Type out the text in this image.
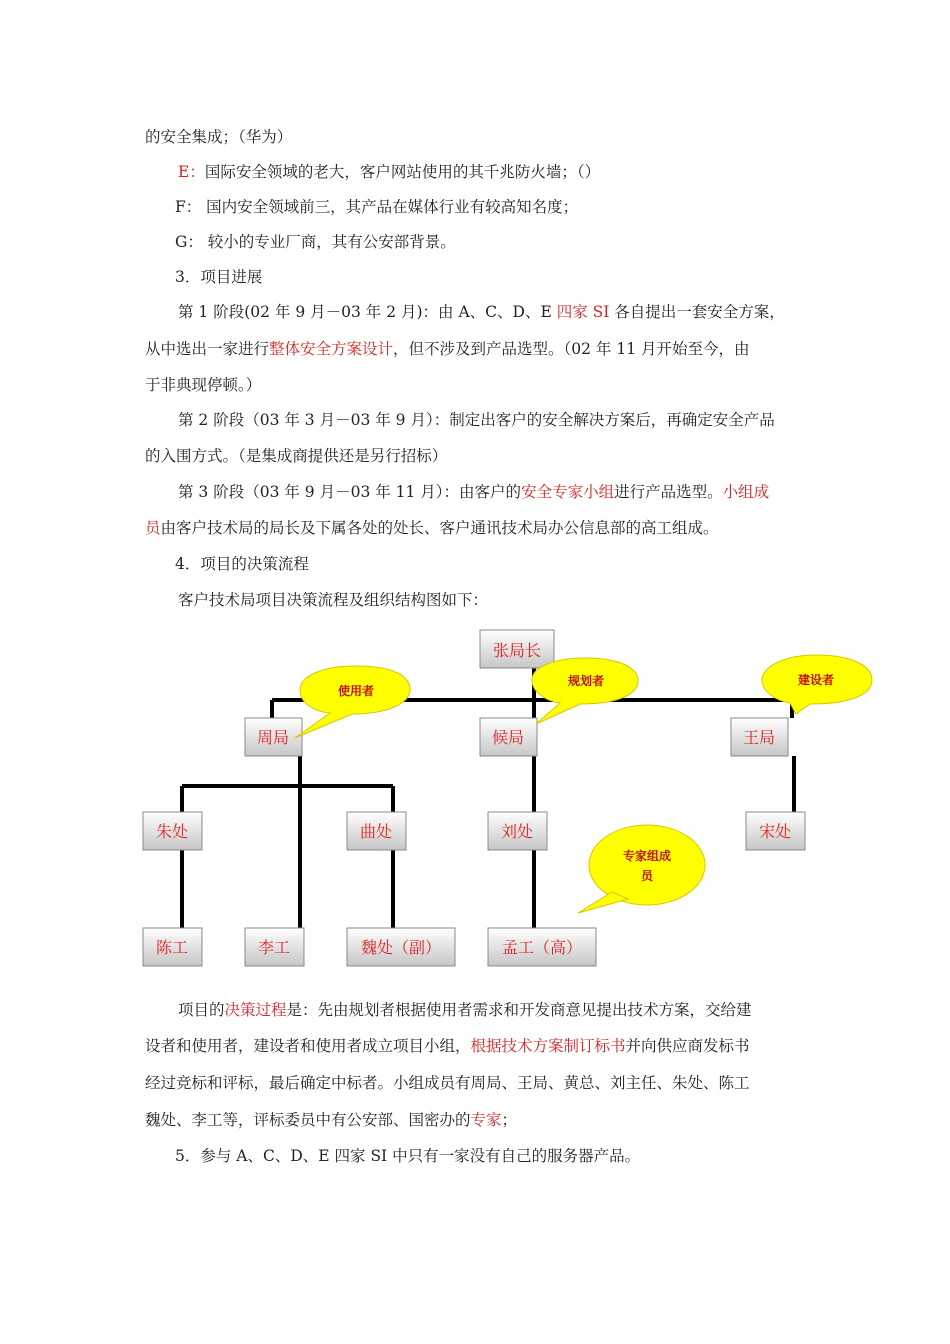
的安全集成；（华为）
E：国际安全领域的老大，客户网站使用的其千兆防火墙；（）
F： 国内安全领域前三，其产品在媒体行业有较高知名度；
G： 较小的专业厂商，其有公安部背景。
3．项目进展
第 1 阶段(02 年 9 月－03 年 2 月)：由 A、C、D、E 四家 SI 各自提出一套安全方案，
从中选出一家进行整体安全方案设计，但不涉及到产品选型。（02 年 11 月开始至今，由
于非典现停顿。）
第 2 阶段（03 年 3 月－03 年 9 月）：制定出客户的安全解决方案后，再确定安全产品
的入围方式。（是集成商提供还是另行招标）
第 3 阶段（03 年 9 月－03 年 11 月）：由客户的安全专家小组进行产品选型。小组成
员由客户技术局的局长及下属各处的处长、客户通讯技术局办公信息部的高工组成。
4．项目的决策流程
客户技术局项目决策流程及组织结构图如下：
张局长
周局	候局	王局
朱处	曲处	刘处	宋处
陈工	李工	魏处（副）	孟工（高）
使用者
规划者	建设者
专家组成
员
项目的决策过程是：先由规划者根据使用者需求和开发商意见提出技术方案，交给建
设者和使用者，建设者和使用者成立项目小组，根据技术方案制订标书并向供应商发标书
经过竞标和评标，最后确定中标者。小组成员有周局、王局、黄总、刘主任、朱处、陈工
魏处、李工等，评标委员中有公安部、国密办的专家；
5．参与 A、C、D、E 四家 SI 中只有一家没有自己的服务器产品。
